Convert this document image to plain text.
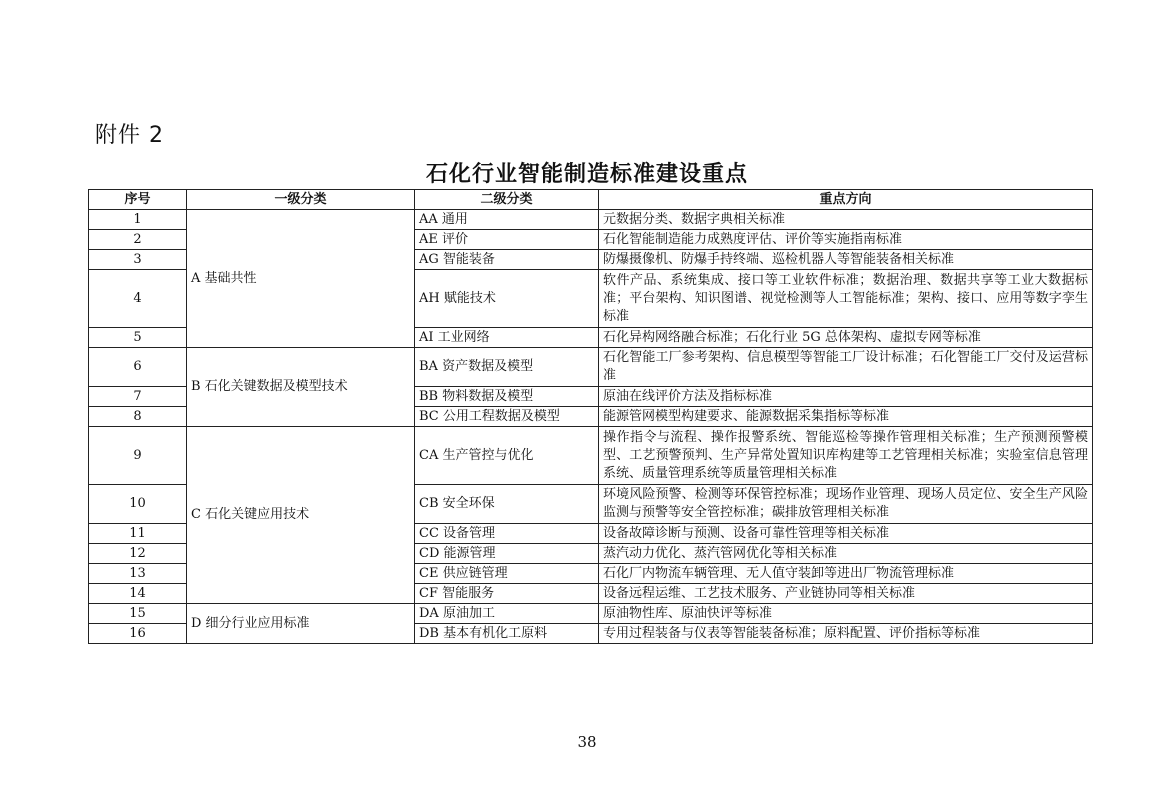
附件 2
石化行业智能制造标准建设重点
序号	一级分类	二级分类	重点方向
1	A 基础共性	AA 通用	元数据分类、数据字典相关标准
2		AE 评价	石化智能制造能力成熟度评估、评价等实施指南标准
3		AG 智能装备	防爆摄像机、防爆手持终端、巡检机器人等智能装备相关标准
4		AH 赋能技术	软件产品、系统集成、接口等工业软件标准；数据治理、数据共享等工业大数据标准；平台架构、知识图谱、视觉检测等人工智能标准；架构、接口、应用等数字孪生标准
5		AI 工业网络	石化异构网络融合标准；石化行业 5G 总体架构、虚拟专网等标准
6	B 石化关键数据及模型技术	BA 资产数据及模型	石化智能工厂参考架构、信息模型等智能工厂设计标准；石化智能工厂交付及运营标准
7		BB 物料数据及模型	原油在线评价方法及指标标准
8		BC 公用工程数据及模型	能源管网模型构建要求、能源数据采集指标等标准
9	C 石化关键应用技术	CA 生产管控与优化	操作指令与流程、操作报警系统、智能巡检等操作管理相关标准；生产预测预警模型、工艺预警预判、生产异常处置知识库构建等工艺管理相关标准；实验室信息管理系统、质量管理系统等质量管理相关标准
10		CB 安全环保	环境风险预警、检测等环保管控标准；现场作业管理、现场人员定位、安全生产风险监测与预警等安全管控标准；碳排放管理相关标准
11		CC 设备管理	设备故障诊断与预测、设备可靠性管理等相关标准
12		CD 能源管理	蒸汽动力优化、蒸汽管网优化等相关标准
13		CE 供应链管理	石化厂内物流车辆管理、无人值守装卸等进出厂物流管理标准
14		CF 智能服务	设备远程运维、工艺技术服务、产业链协同等相关标准
15	D 细分行业应用标准	DA 原油加工	原油物性库、原油快评等标准
16		DB 基本有机化工原料	专用过程装备与仪表等智能装备标准；原料配置、评价指标等标准
38
